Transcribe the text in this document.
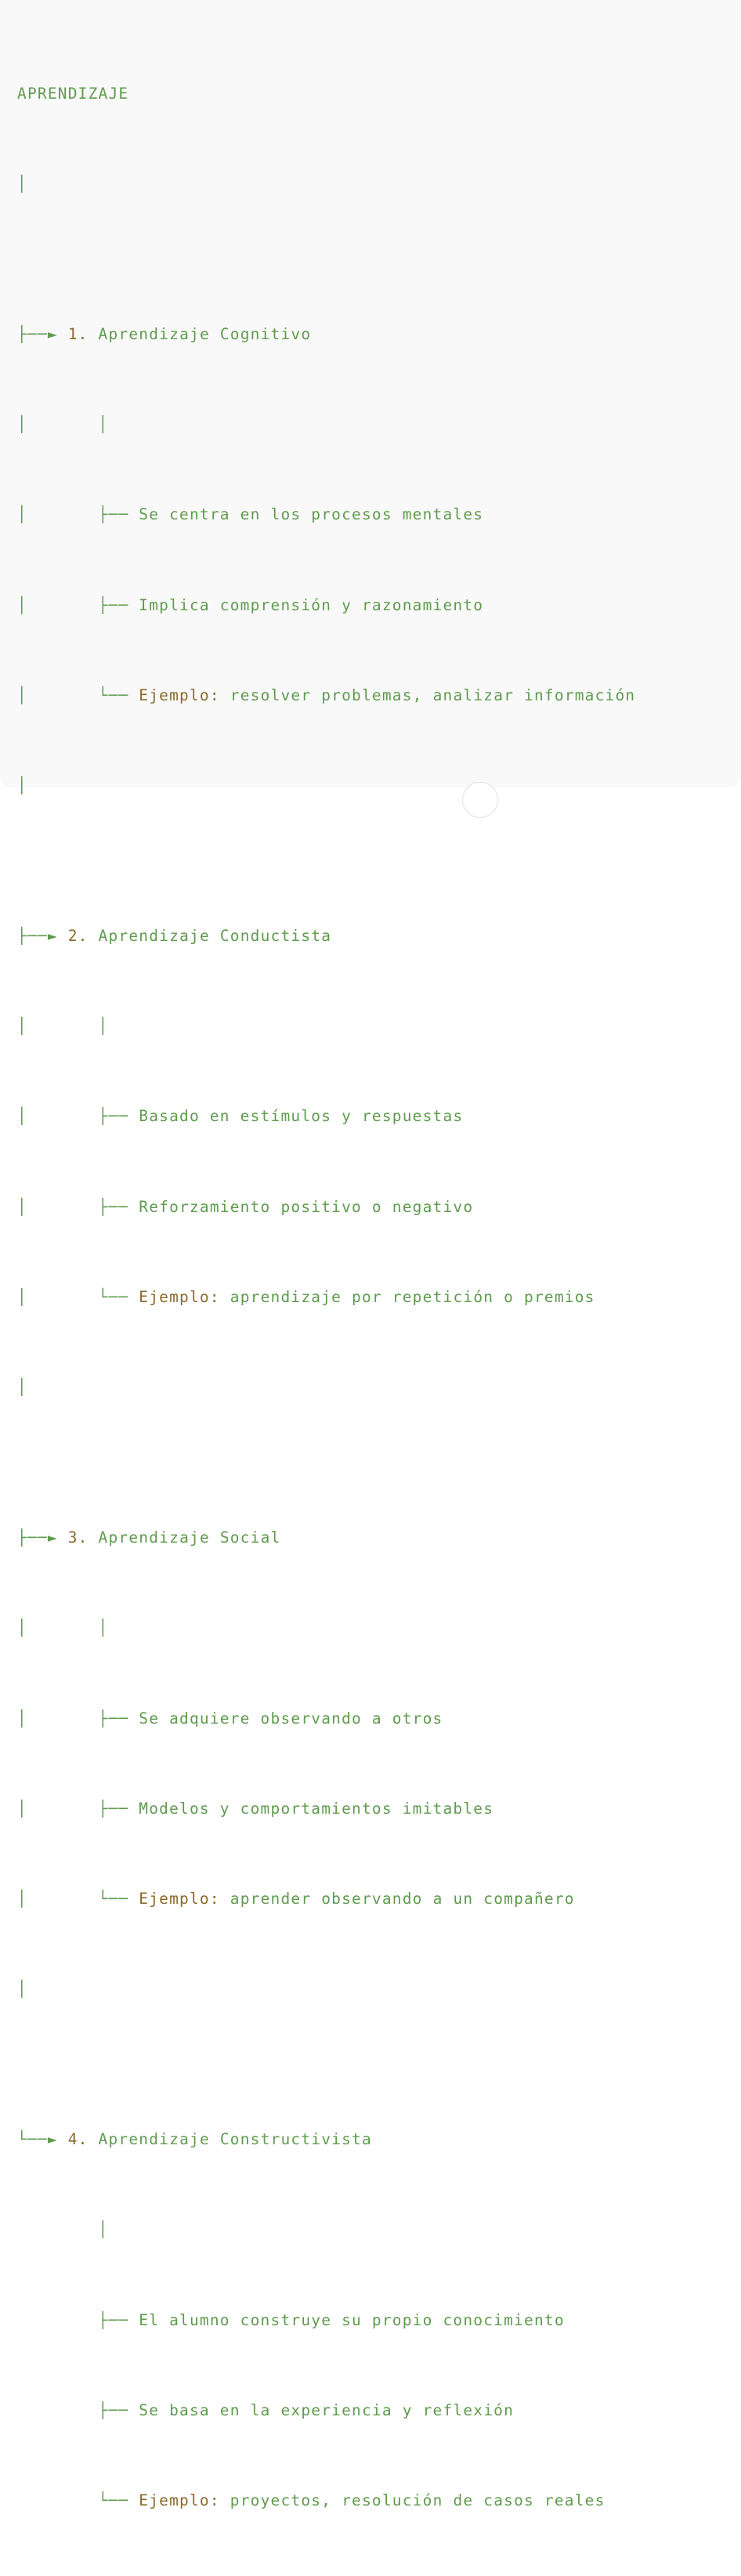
APRENDIZAJE

│

├──► 1. Aprendizaje Cognitivo

│       │

│       ├── Se centra en los procesos mentales

│       ├── Implica comprensión y razonamiento

│       └── Ejemplo: resolver problemas, analizar información

│

├──► 2. Aprendizaje Conductista

│       │

│       ├── Basado en estímulos y respuestas

│       ├── Reforzamiento positivo o negativo

│       └── Ejemplo: aprendizaje por repetición o premios

│

├──► 3. Aprendizaje Social

│       │

│       ├── Se adquiere observando a otros

│       ├── Modelos y comportamientos imitables

│       └── Ejemplo: aprender observando a un compañero

│

└──► 4. Aprendizaje Constructivista

│

├── El alumno construye su propio conocimiento

├── Se basa en la experiencia y reflexión

└── Ejemplo: proyectos, resolución de casos reales
